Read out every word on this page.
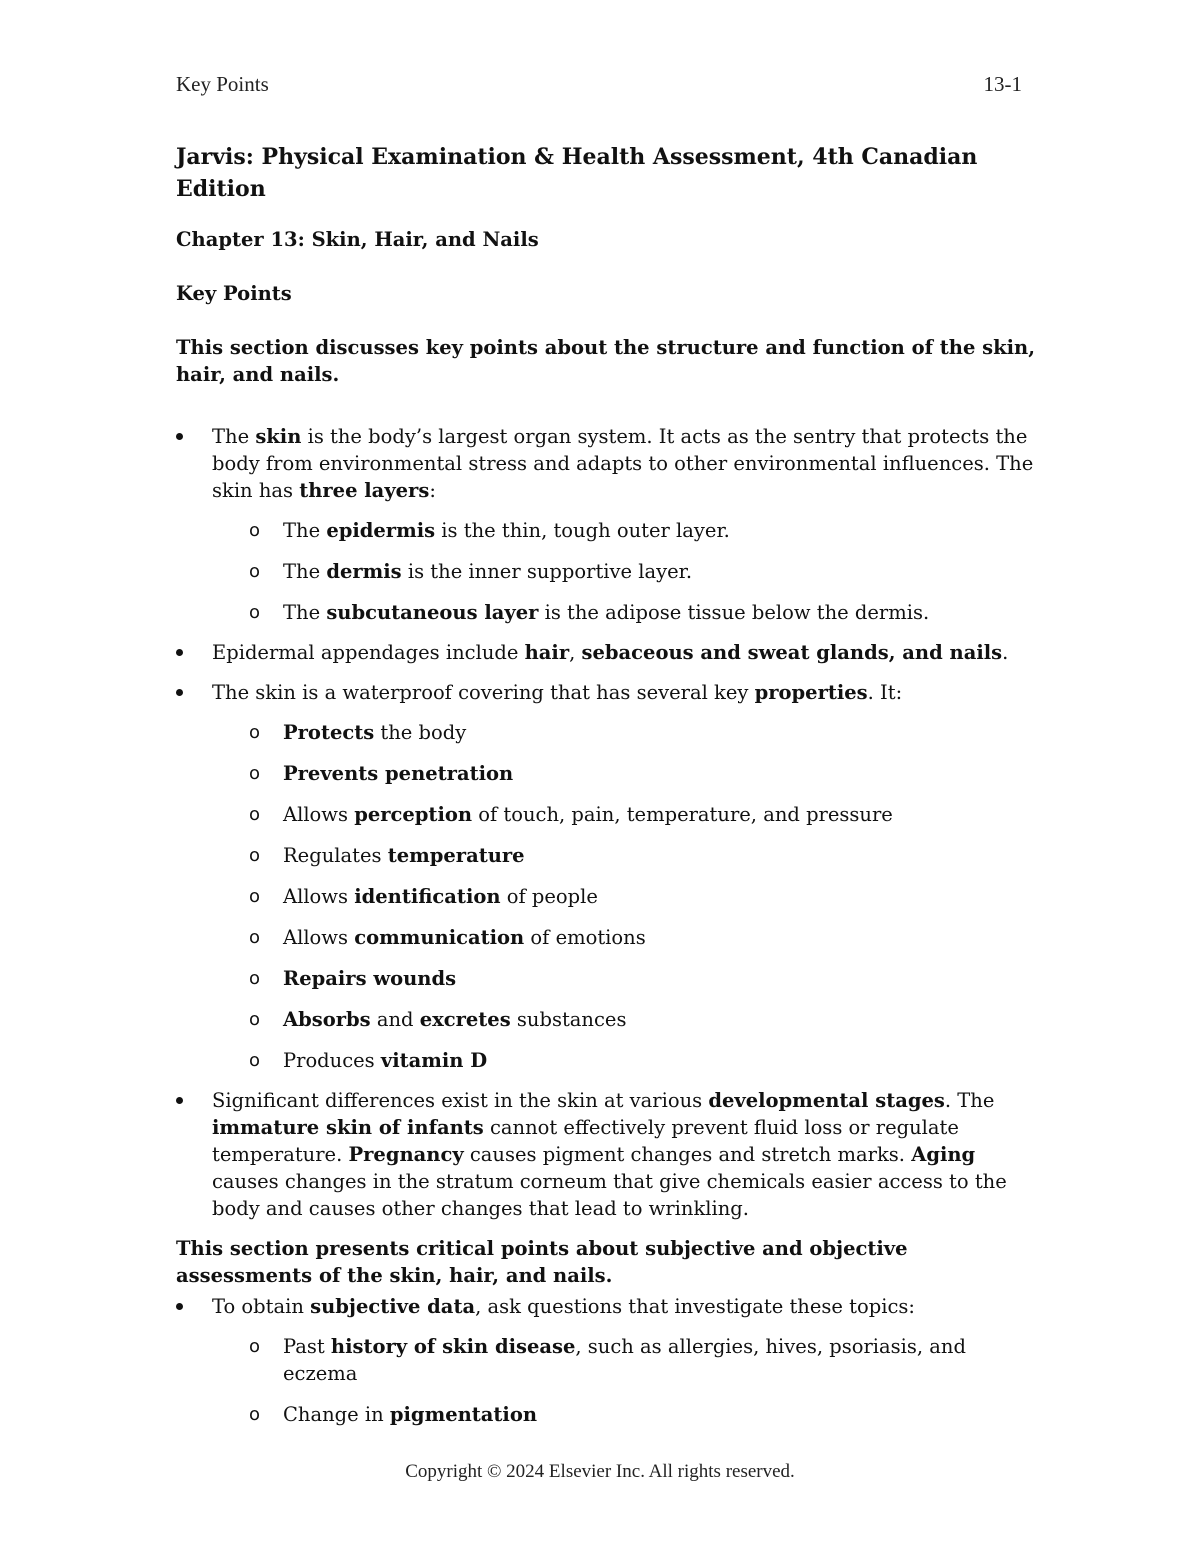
Key Points	13-1
Jarvis: Physical Examination & Health Assessment, 4th Canadian Edition
Chapter 13: Skin, Hair, and Nails
Key Points
This section discusses key points about the structure and function of the skin, hair, and nails.
The skin is the body’s largest organ system. It acts as the sentry that protects the body from environmental stress and adapts to other environmental influences. The skin has three layers:
o The epidermis is the thin, tough outer layer.
o The dermis is the inner supportive layer.
o The subcutaneous layer is the adipose tissue below the dermis.
Epidermal appendages include hair, sebaceous and sweat glands, and nails.
The skin is a waterproof covering that has several key properties. It:
o Protects the body
o Prevents penetration
o Allows perception of touch, pain, temperature, and pressure
o Regulates temperature
o Allows identification of people
o Allows communication of emotions
o Repairs wounds
o Absorbs and excretes substances
o Produces vitamin D
Significant differences exist in the skin at various developmental stages. The immature skin of infants cannot effectively prevent fluid loss or regulate temperature. Pregnancy causes pigment changes and stretch marks. Aging causes changes in the stratum corneum that give chemicals easier access to the body and causes other changes that lead to wrinkling.
This section presents critical points about subjective and objective assessments of the skin, hair, and nails.
To obtain subjective data, ask questions that investigate these topics:
o Past history of skin disease, such as allergies, hives, psoriasis, and eczema
o Change in pigmentation
Copyright © 2024 Elsevier Inc. All rights reserved.
